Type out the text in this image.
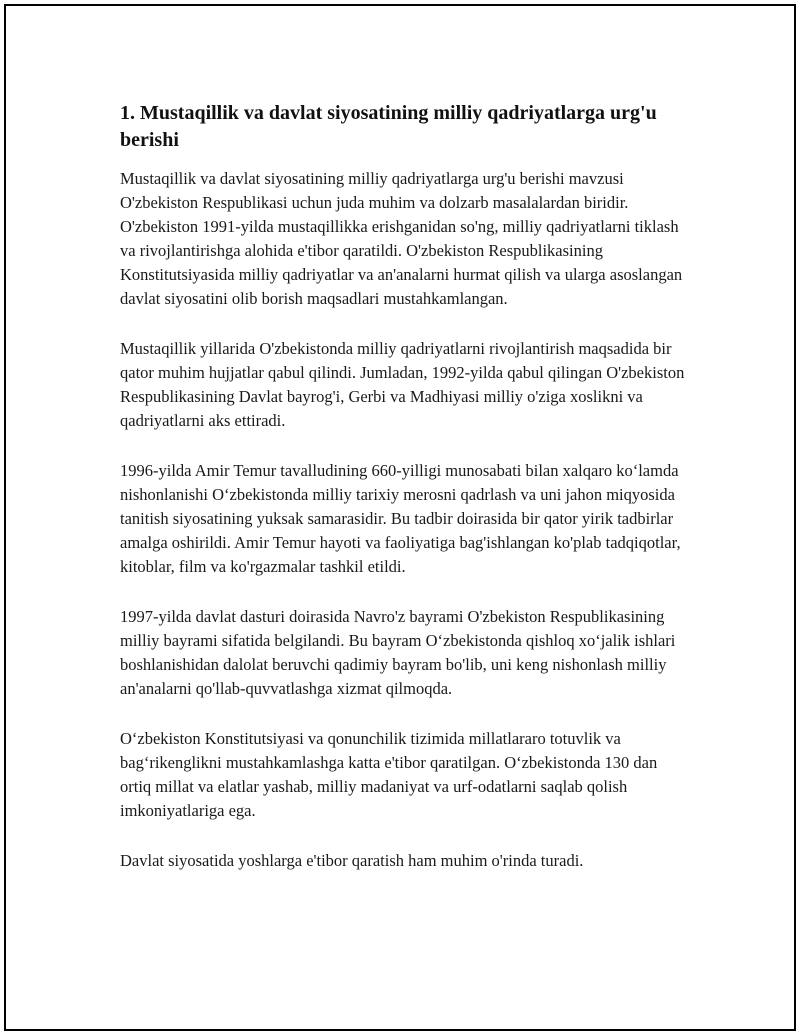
1. Mustaqillik va davlat siyosatining milliy qadriyatlarga urg'u berishi

Mustaqillik va davlat siyosatining milliy qadriyatlarga urg'u berishi mavzusi O'zbekiston Respublikasi uchun juda muhim va dolzarb masalalardan biridir. O'zbekiston 1991-yilda mustaqillikka erishganidan so'ng, milliy qadriyatlarni tiklash va rivojlantirishga alohida e'tibor qaratildi. O'zbekiston Respublikasining Konstitutsiyasida milliy qadriyatlar va an'analarni hurmat qilish va ularga asoslangan davlat siyosatini olib borish maqsadlari mustahkamlangan.

Mustaqillik yillarida O'zbekistonda milliy qadriyatlarni rivojlantirish maqsadida bir qator muhim hujjatlar qabul qilindi. Jumladan, 1992-yilda qabul qilingan O'zbekiston Respublikasining Davlat bayrog'i, Gerbi va Madhiyasi milliy o'ziga xoslikni va qadriyatlarni aks ettiradi.

1996-yilda Amir Temur tavalludining 660-yilligi munosabati bilan xalqaro ko‘lamda nishonlanishi O‘zbekistonda milliy tarixiy merosni qadrlash va uni jahon miqyosida tanitish siyosatining yuksak samarasidir. Bu tadbir doirasida bir qator yirik tadbirlar amalga oshirildi. Amir Temur hayoti va faoliyatiga bag'ishlangan ko'plab tadqiqotlar, kitoblar, film va ko'rgazmalar tashkil etildi.

1997-yilda davlat dasturi doirasida Navro'z bayrami O'zbekiston Respublikasining milliy bayrami sifatida belgilandi. Bu bayram O‘zbekistonda qishloq xo‘jalik ishlari boshlanishidan dalolat beruvchi qadimiy bayram bo'lib, uni keng nishonlash milliy an'analarni qo'llab-quvvatlashga xizmat qilmoqda.

O‘zbekiston Konstitutsiyasi va qonunchilik tizimida millatlararo totuvlik va bag‘rikenglikni mustahkamlashga katta e'tibor qaratilgan. O‘zbekistonda 130 dan ortiq millat va elatlar yashab, milliy madaniyat va urf-odatlarni saqlab qolish imkoniyatlariga ega.

Davlat siyosatida yoshlarga e'tibor qaratish ham muhim o'rinda turadi.
